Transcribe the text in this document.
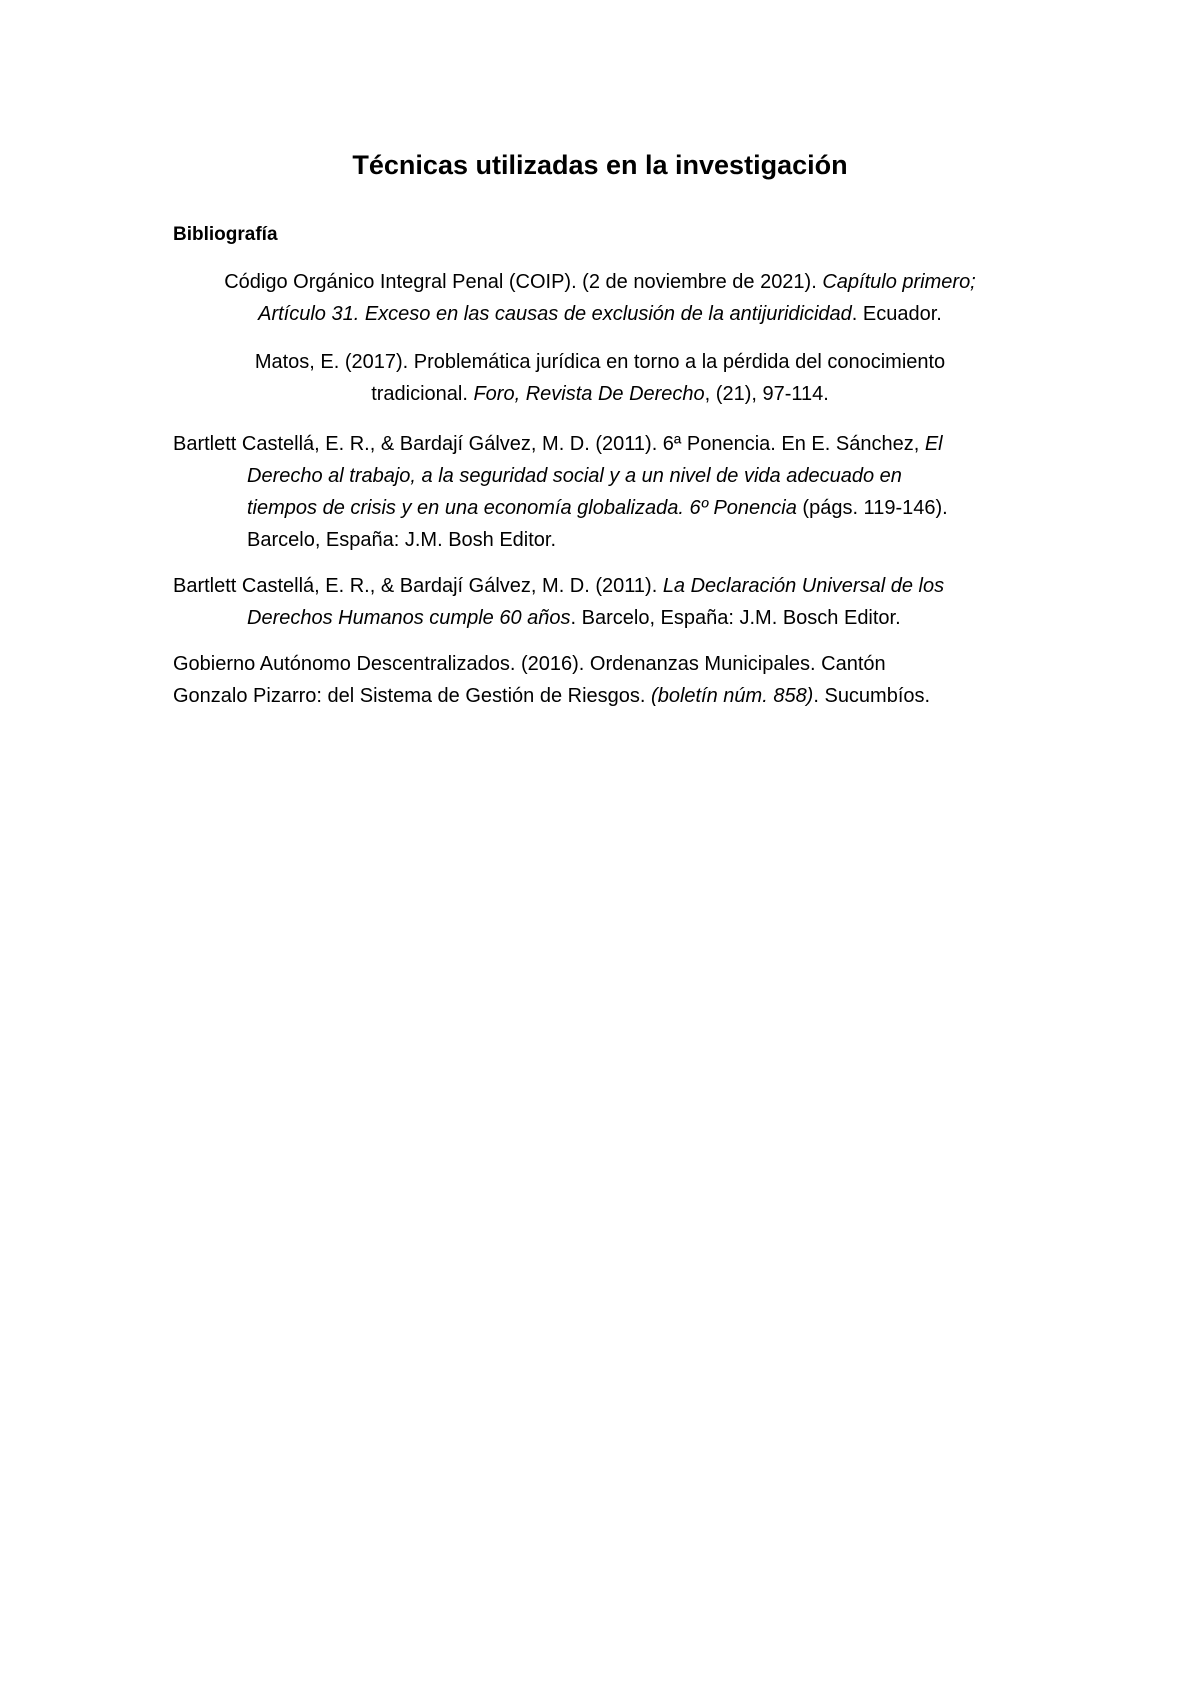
Técnicas utilizadas en la investigación
Bibliografía
Código Orgánico Integral Penal (COIP). (2 de noviembre de 2021). Capítulo primero;
Artículo 31. Exceso en las causas de exclusión de la antijuridicidad. Ecuador.
Matos, E. (2017). Problemática jurídica en torno a la pérdida del conocimiento
tradicional. Foro, Revista De Derecho, (21), 97-114.
Bartlett Castellá, E. R., & Bardají Gálvez, M. D. (2011). 6ª Ponencia. En E. Sánchez, El
Derecho al trabajo, a la seguridad social y a un nivel de vida adecuado en
tiempos de crisis y en una economía globalizada. 6º Ponencia (págs. 119-146).
Barcelo, España: J.M. Bosh Editor.
Bartlett Castellá, E. R., & Bardají Gálvez, M. D. (2011). La Declaración Universal de los
Derechos Humanos cumple 60 años. Barcelo, España: J.M. Bosch Editor.
Gobierno Autónomo Descentralizados. (2016). Ordenanzas Municipales. Cantón
Gonzalo Pizarro: del Sistema de Gestión de Riesgos. (boletín núm. 858). Sucumbíos.
